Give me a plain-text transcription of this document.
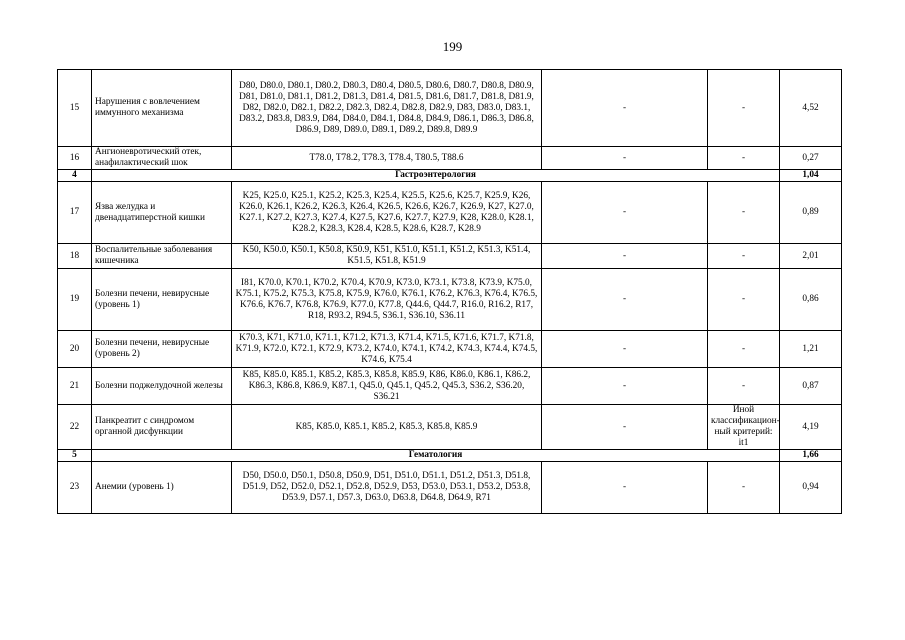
199
15	Нарушения с вовлечением иммунного механизма	D80, D80.0, D80.1, D80.2, D80.3, D80.4, D80.5, D80.6, D80.7, D80.8, D80.9, D81, D81.0, D81.1, D81.2, D81.3, D81.4, D81.5, D81.6, D81.7, D81.8, D81.9, D82, D82.0, D82.1, D82.2, D82.3, D82.4, D82.8, D82.9, D83, D83.0, D83.1, D83.2, D83.8, D83.9, D84, D84.0, D84.1, D84.8, D84.9, D86.1, D86.3, D86.8, D86.9, D89, D89.0, D89.1, D89.2, D89.8, D89.9	-	-	4,52
16	Ангионевротический отек, анафилактический шок	T78.0, T78.2, T78.3, T78.4, T80.5, T88.6	-	-	0,27
4	Гастроэнтерология				1,04
17	Язва желудка и двенадцатиперстной кишки	K25, K25.0, K25.1, K25.2, K25.3, K25.4, K25.5, K25.6, K25.7, K25.9, K26, K26.0, K26.1, K26.2, K26.3, K26.4, K26.5, K26.6, K26.7, K26.9, K27, K27.0, K27.1, K27.2, K27.3, K27.4, K27.5, K27.6, K27.7, K27.9, K28, K28.0, K28.1, K28.2, K28.3, K28.4, K28.5, K28.6, K28.7, K28.9	-	-	0,89
18	Воспалительные заболевания кишечника	K50, K50.0, K50.1, K50.8, K50.9, K51, K51.0, K51.1, K51.2, K51.3, K51.4, K51.5, K51.8, K51.9	-	-	2,01
19	Болезни печени, невирусные (уровень 1)	I81, K70.0, K70.1, K70.2, K70.4, K70.9, K73.0, K73.1, K73.8, K73.9, K75.0, K75.1, K75.2, K75.3, K75.8, K75.9, K76.0, K76.1, K76.2, K76.3, K76.4, K76.5, K76.6, K76.7, K76.8, K76.9, K77.0, K77.8, Q44.6, Q44.7, R16.0, R16.2, R17, R18, R93.2, R94.5, S36.1, S36.10, S36.11	-	-	0,86
20	Болезни печени, невирусные (уровень 2)	K70.3, K71, K71.0, K71.1, K71.2, K71.3, K71.4, K71.5, K71.6, K71.7, K71.8, K71.9, K72.0, K72.1, K72.9, K73.2, K74.0, K74.1, K74.2, K74.3, K74.4, K74.5, K74.6, K75.4	-	-	1,21
21	Болезни поджелудочной железы	K85, K85.0, K85.1, K85.2, K85.3, K85.8, K85.9, K86, K86.0, K86.1, K86.2, K86.3, K86.8, K86.9, K87.1, Q45.0, Q45.1, Q45.2, Q45.3, S36.2, S36.20, S36.21	-	-	0,87
22	Панкреатит с синдромом органной дисфункции	K85, K85.0, K85.1, K85.2, K85.3, K85.8, K85.9	-	Иной классификацион-ный критерий: it1	4,19
5	Гематология				1,66
23	Анемии (уровень 1)	D50, D50.0, D50.1, D50.8, D50.9, D51, D51.0, D51.1, D51.2, D51.3, D51.8, D51.9, D52, D52.0, D52.1, D52.8, D52.9, D53, D53.0, D53.1, D53.2, D53.8, D53.9, D57.1, D57.3, D63.0, D63.8, D64.8, D64.9, R71	-	-	0,94
